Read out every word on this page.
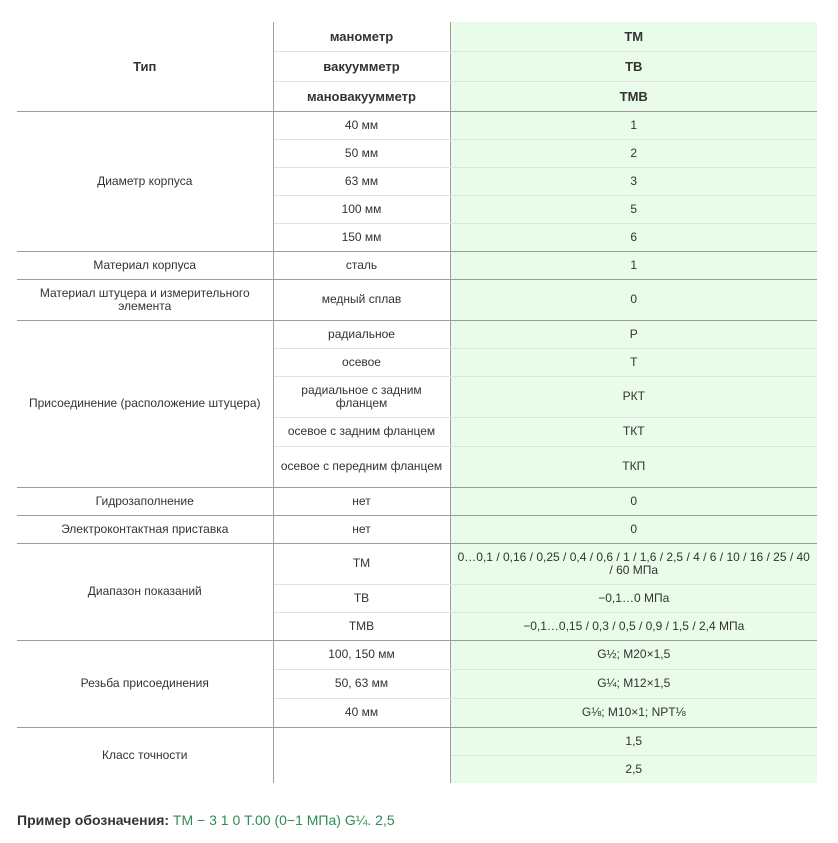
Тип	манометр	ТМ
	вакуумметр	ТВ
	мановакуумметр	ТМВ
Диаметр корпуса	40 мм	1
	50 мм	2
	63 мм	3
	100 мм	5
	150 мм	6
Материал корпуса	сталь	1
Материал штуцера и измерительного элемента	медный сплав	0
Присоединение (расположение штуцера)	радиальное	Р
	осевое	Т
	радиальное с задним фланцем	РКТ
	осевое с задним фланцем	ТКТ
	осевое с передним фланцем	ТКП
Гидрозаполнение	нет	0
Электроконтактная приставка	нет	0
Диапазон показаний	ТМ	0…0,1 / 0,16 / 0,25 / 0,4 / 0,6 / 1 / 1,6 / 2,5 / 4 / 6 / 10 / 16 / 25 / 40 / 60 МПа
	ТВ	−0,1…0 МПа
	ТМВ	−0,1…0,15 / 0,3 / 0,5 / 0,9 / 1,5 / 2,4 МПа
Резьба присоединения	100, 150 мм	G½; M20×1,5
	50, 63 мм	G¼; M12×1,5
	40 мм	G⅛; M10×1; NPT⅛
Класс точности		1,5
		2,5
Пример обозначения: ТМ − 3 1 0 Т.00 (0−1 МПа) G¼. 2,5
